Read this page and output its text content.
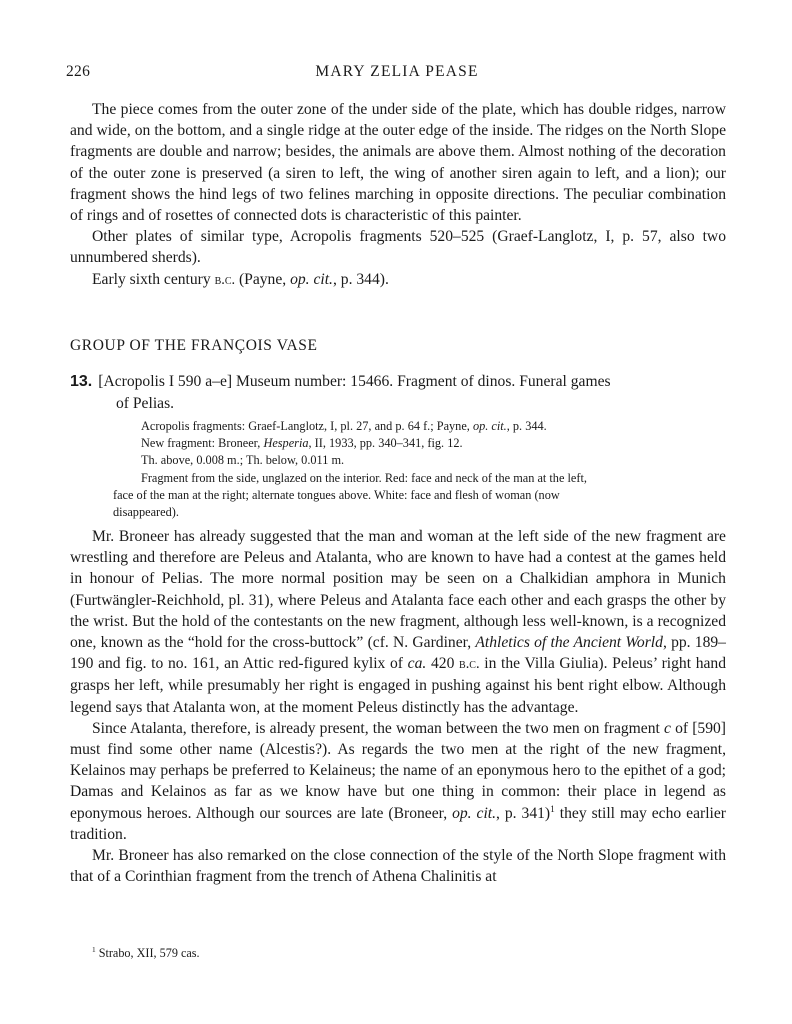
226	MARY ZELIA PEASE

The piece comes from the outer zone of the under side of the plate, which has double ridges, narrow and wide, on the bottom, and a single ridge at the outer edge of the inside. The ridges on the North Slope fragments are double and narrow; besides, the animals are above them. Almost nothing of the decoration of the outer zone is preserved (a siren to left, the wing of another siren again to left, and a lion); our fragment shows the hind legs of two felines marching in opposite directions. The peculiar combination of rings and of rosettes of connected dots is characteristic of this painter.

Other plates of similar type, Acropolis fragments 520–525 (Graef-Langlotz, I, p. 57, also two unnumbered sherds).

Early sixth century b.c. (Payne, op. cit., p. 344).

GROUP OF THE FRANÇOIS VASE
13. [Acropolis I 590 a–e] Museum number: 15466. Fragment of dinos. Funeral games
of Pelias.
Acropolis fragments: Graef-Langlotz, I, pl. 27, and p. 64 f.; Payne, op. cit., p. 344.
New fragment: Broneer, Hesperia, II, 1933, pp. 340–341, fig. 12.
Th. above, 0.008 m.; Th. below, 0.011 m.
Fragment from the side, unglazed on the interior. Red: face and neck of the man at the left,
face of the man at the right; alternate tongues above. White: face and flesh of woman (now
disappeared).

Mr. Broneer has already suggested that the man and woman at the left side of the new fragment are wrestling and therefore are Peleus and Atalanta, who are known to have had a contest at the games held in honour of Pelias. The more normal position may be seen on a Chalkidian amphora in Munich (Furtwängler-Reichhold, pl. 31), where Peleus and Atalanta face each other and each grasps the other by the wrist. But the hold of the contestants on the new fragment, although less well-known, is a recognized one, known as the “hold for the cross-buttock” (cf. N. Gardiner, Athletics of the Ancient World, pp. 189–190 and fig. to no. 161, an Attic red-figured kylix of ca. 420 b.c. in the Villa Giulia). Peleus’ right hand grasps her left, while presumably her right is engaged in pushing against his bent right elbow. Although legend says that Atalanta won, at the moment Peleus distinctly has the advantage.

Since Atalanta, therefore, is already present, the woman between the two men on fragment c of [590] must find some other name (Alcestis?). As regards the two men at the right of the new fragment, Kelainos may perhaps be preferred to Kelaineus; the name of an eponymous hero to the epithet of a god; Damas and Kelainos as far as we know have but one thing in common: their place in legend as eponymous heroes. Although our sources are late (Broneer, op. cit., p. 341)$^1$ they still may echo earlier tradition.

Mr. Broneer has also remarked on the close connection of the style of the North Slope fragment with that of a Corinthian fragment from the trench of Athena Chalinitis at

$^1$ Strabo, XII, 579 cas.
